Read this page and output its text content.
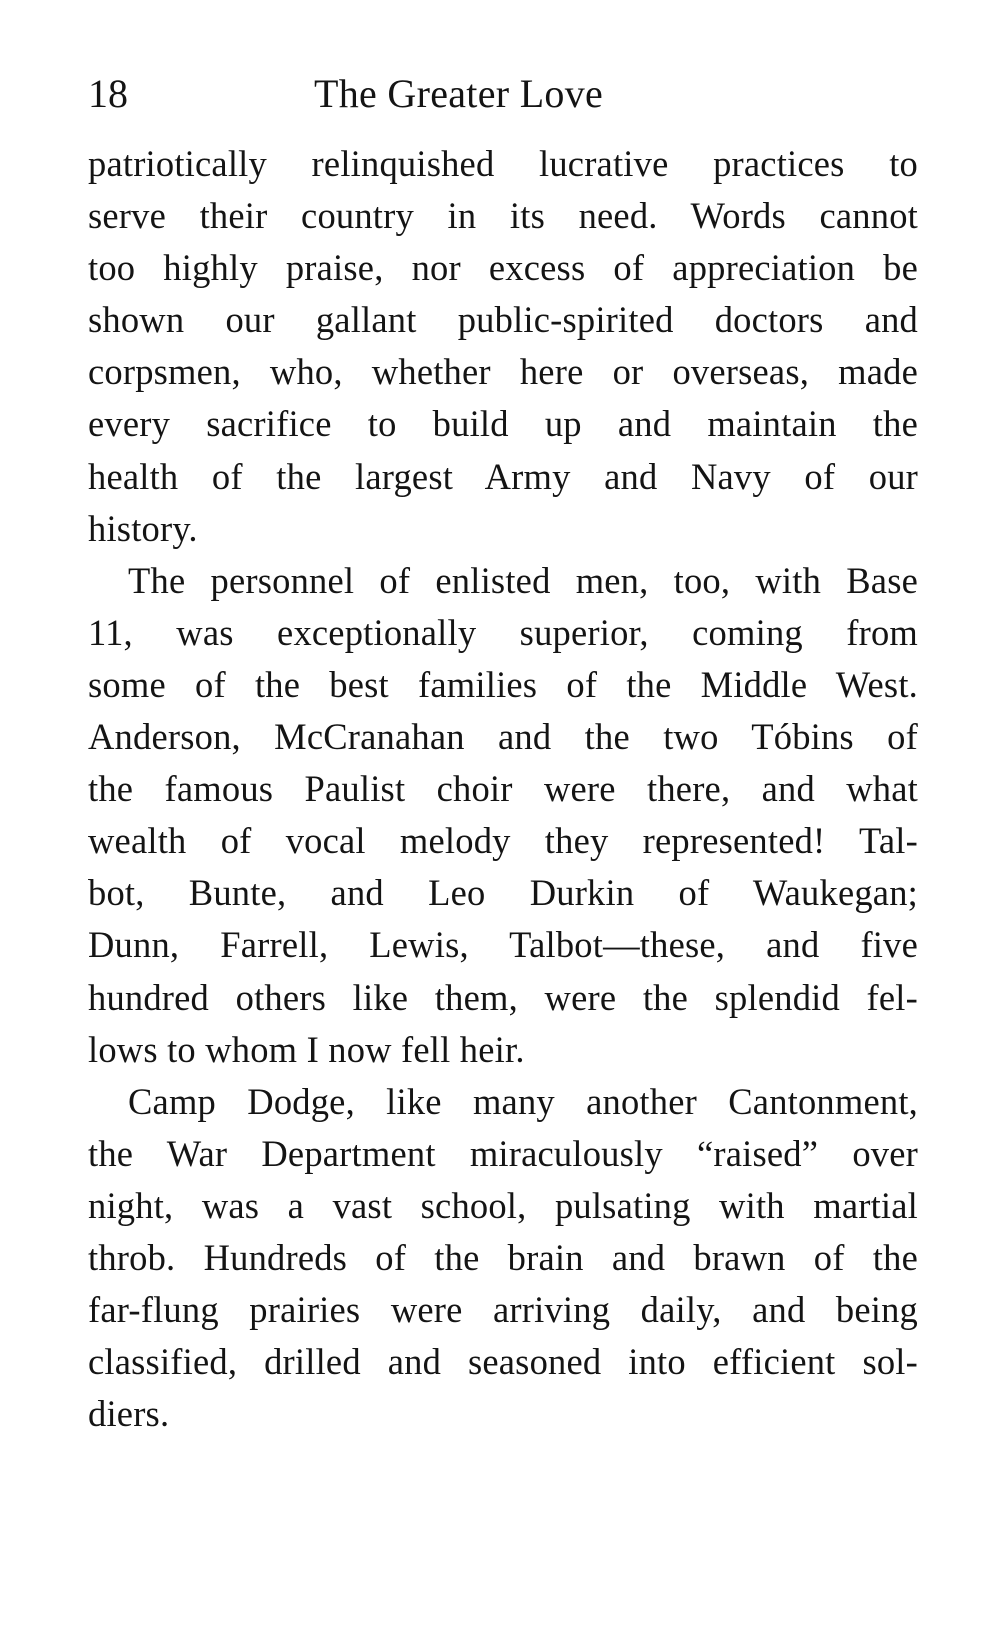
18	The Greater Love
patriotically relinquished lucrative practices to
serve their country in its need. Words cannot
too highly praise, nor excess of appreciation be
shown our gallant public-spirited doctors and
corpsmen, who, whether here or overseas, made
every sacrifice to build up and maintain the
health of the largest Army and Navy of our
history.
The personnel of enlisted men, too, with Base
11, was exceptionally superior, coming from
some of the best families of the Middle West.
Anderson, McCranahan and the two Tóbins of
the famous Paulist choir were there, and what
wealth of vocal melody they represented! Tal-
bot, Bunte, and Leo Durkin of Waukegan;
Dunn, Farrell, Lewis, Talbot—these, and five
hundred others like them, were the splendid fel-
lows to whom I now fell heir.
Camp Dodge, like many another Cantonment,
the War Department miraculously “raised” over
night, was a vast school, pulsating with martial
throb. Hundreds of the brain and brawn of the
far-flung prairies were arriving daily, and being
classified, drilled and seasoned into efficient sol-
diers.
